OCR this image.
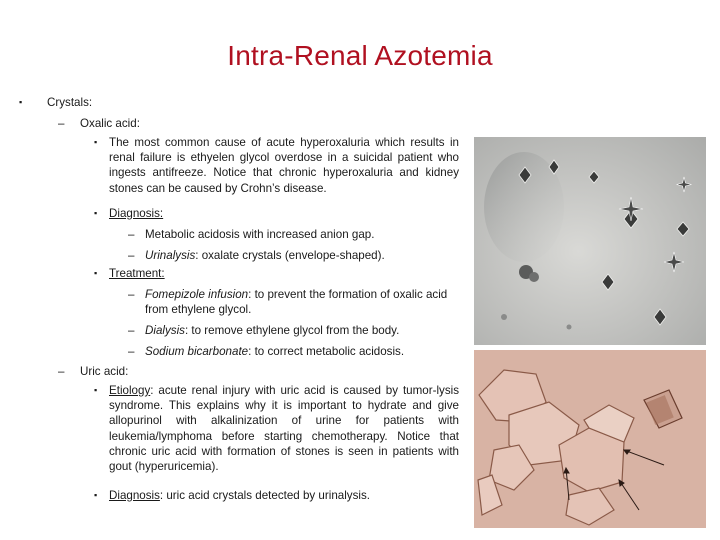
Intra-Renal Azotemia
▪ Crystals:
– Oxalic acid:
▪ The most common cause of acute hyperoxaluria which results in renal failure is ethyelen glycol overdose in a suicidal patient who ingests antifreeze. Notice that chronic hyperoxaluria and kidney stones can be caused by Crohn’s disease.
▪ Diagnosis:
– Metabolic acidosis with increased anion gap.
– Urinalysis: oxalate crystals (envelope-shaped).
▪ Treatment:
– Fomepizole infusion: to prevent the formation of oxalic acid from ethylene glycol.
– Dialysis: to remove ethylene glycol from the body.
– Sodium bicarbonate: to correct metabolic acidosis.
– Uric acid:
▪ Etiology: acute renal injury with uric acid is caused by tumor-lysis syndrome. This explains why it is important to hydrate and give allopurinol with alkalinization of urine for patients with leukemia/lymphoma before starting chemotherapy. Notice that chronic uric acid with formation of stones is seen in patients with gout (hyperuricemia).
▪ Diagnosis: uric acid crystals detected by urinalysis.
